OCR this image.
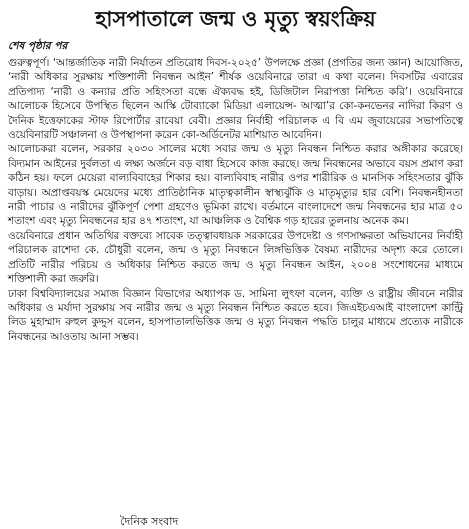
হাসপাতালে জন্ম ও মৃত্যু স্বয়ংক্রিয়
শেষ পৃষ্ঠার পর

গুরুত্বপূর্ণ। ‘আন্তর্জাতিক নারী নির্যাতন প্রতিরোধ দিবস-২০২৫’ উপলক্ষে প্রজ্ঞা (প্রগতির জন্য জ্ঞান) আয়োজিত, ‘নারী অধিকার সুরক্ষায় শক্তিশালী নিবন্ধন আইন’ শীর্ষক ওয়েবিনারে তারা এ কথা বলেন। দিবসটির এবারের প্রতিপাদ্য ‘নারী ও কন্যার প্রতি সহিংসতা বন্ধে ঐক্যবদ্ধ হই, ডিজিটাল নিরাপত্তা নিশ্চিত করি’। ওয়েবিনারে আলোচক হিসেবে উপস্থিত ছিলেন আস্কি টোব্যাকো মিডিয়া এলায়েন্স- আত্মা’র কো-কনভেনর নাদিরা কিরণ ও দৈনিক ইত্তেফাকের স্টাফ রিপোর্টার রাবেয়া বেবী। প্রজ্ঞার নির্বাহী পরিচালক এ বি এম জুবায়েরের সভাপতিত্বে ওয়েবিনারটি সঞ্চালনা ও উপস্থাপনা করেন কো-অর্ডিনেটর মাশিয়াত আবেদিন।

আলোচকরা বলেন, সরকার ২০৩০ সালের মধ্যে সবার জন্ম ও মৃত্যু নিবন্ধন নিশ্চিত করার অঙ্গীকার করেছে। বিদ্যমান আইনের দুর্বলতা এ লক্ষ্য অর্জনে বড় বাধা হিসেবে কাজ করছে। জন্ম নিবন্ধনের অভাবে বয়স প্রমাণ করা কঠিন হয়। ফলে মেয়েরা বাল্যবিবাহের শিকার হয়। বাল্যবিবাহ নারীর ওপর শারীরিক ও মানসিক সহিংসতার ঝুঁকি বাড়ায়। অপ্রাপ্তবয়স্ক মেয়েদের মধ্যে প্রাতিষ্ঠানিক মাতৃত্বকালীন স্বাস্থ্যঝুঁকি ও মাতৃমৃত্যুর হার বেশি। নিবন্ধনহীনতা নারী পাচার ও নারীদের ঝুঁকিপূর্ণ পেশা গ্রহণেও ভূমিকা রাখে। বর্তমানে বাংলাদেশে জন্ম নিবন্ধনের হার মাত্র ৫০ শতাংশ এবং মৃত্যু নিবন্ধনের হার ৪৭ শতাংশ, যা আঞ্চলিক ও বৈশ্বিক গড় হারের তুলনায় অনেক কম।

ওয়েবিনারে প্রধান অতিথির বক্তব্যে সাবেক তত্ত্বাবধায়ক সরকারের উপদেষ্টা ও গণসাক্ষরতা অভিযানের নির্বাহী পরিচালক রাশেদা কে. চৌধুরী বলেন, জন্ম ও মৃত্যু নিবন্ধনে লিঙ্গভিত্তিক বৈষম্য নারীদের অদৃশ্য করে তোলে। প্রতিটি নারীর পরিচয় ও অধিকার নিশ্চিত করতে জন্ম ও মৃত্যু নিবন্ধন আইন, ২০০৪ সংশোধনের মাধ্যমে শক্তিশালী করা জরুরি।

ঢাকা বিশ্ববিদ্যালয়ের সমাজ বিজ্ঞান বিভাগের অধ্যাপক ড. সামিনা লুৎফা বলেন, ব্যক্তি ও রাষ্ট্রীয় জীবনে নারীর অধিকার ও মর্যাদা সুরক্ষায় সব নারীর জন্ম ও মৃত্যু নিবন্ধন নিশ্চিত করতে হবে। জিএইচএআই বাংলাদেশ কান্ট্রি লিড মুহাম্মাদ রুহুল কুদ্দুস বলেন, হাসপাতালভিত্তিক জন্ম ও মৃত্যু নিবন্ধন পদ্ধতি চালুর মাধ্যমে প্রত্যেক নারীকে নিবন্ধনের আওতায় আনা সম্ভব।

দৈনিক সংবাদ
